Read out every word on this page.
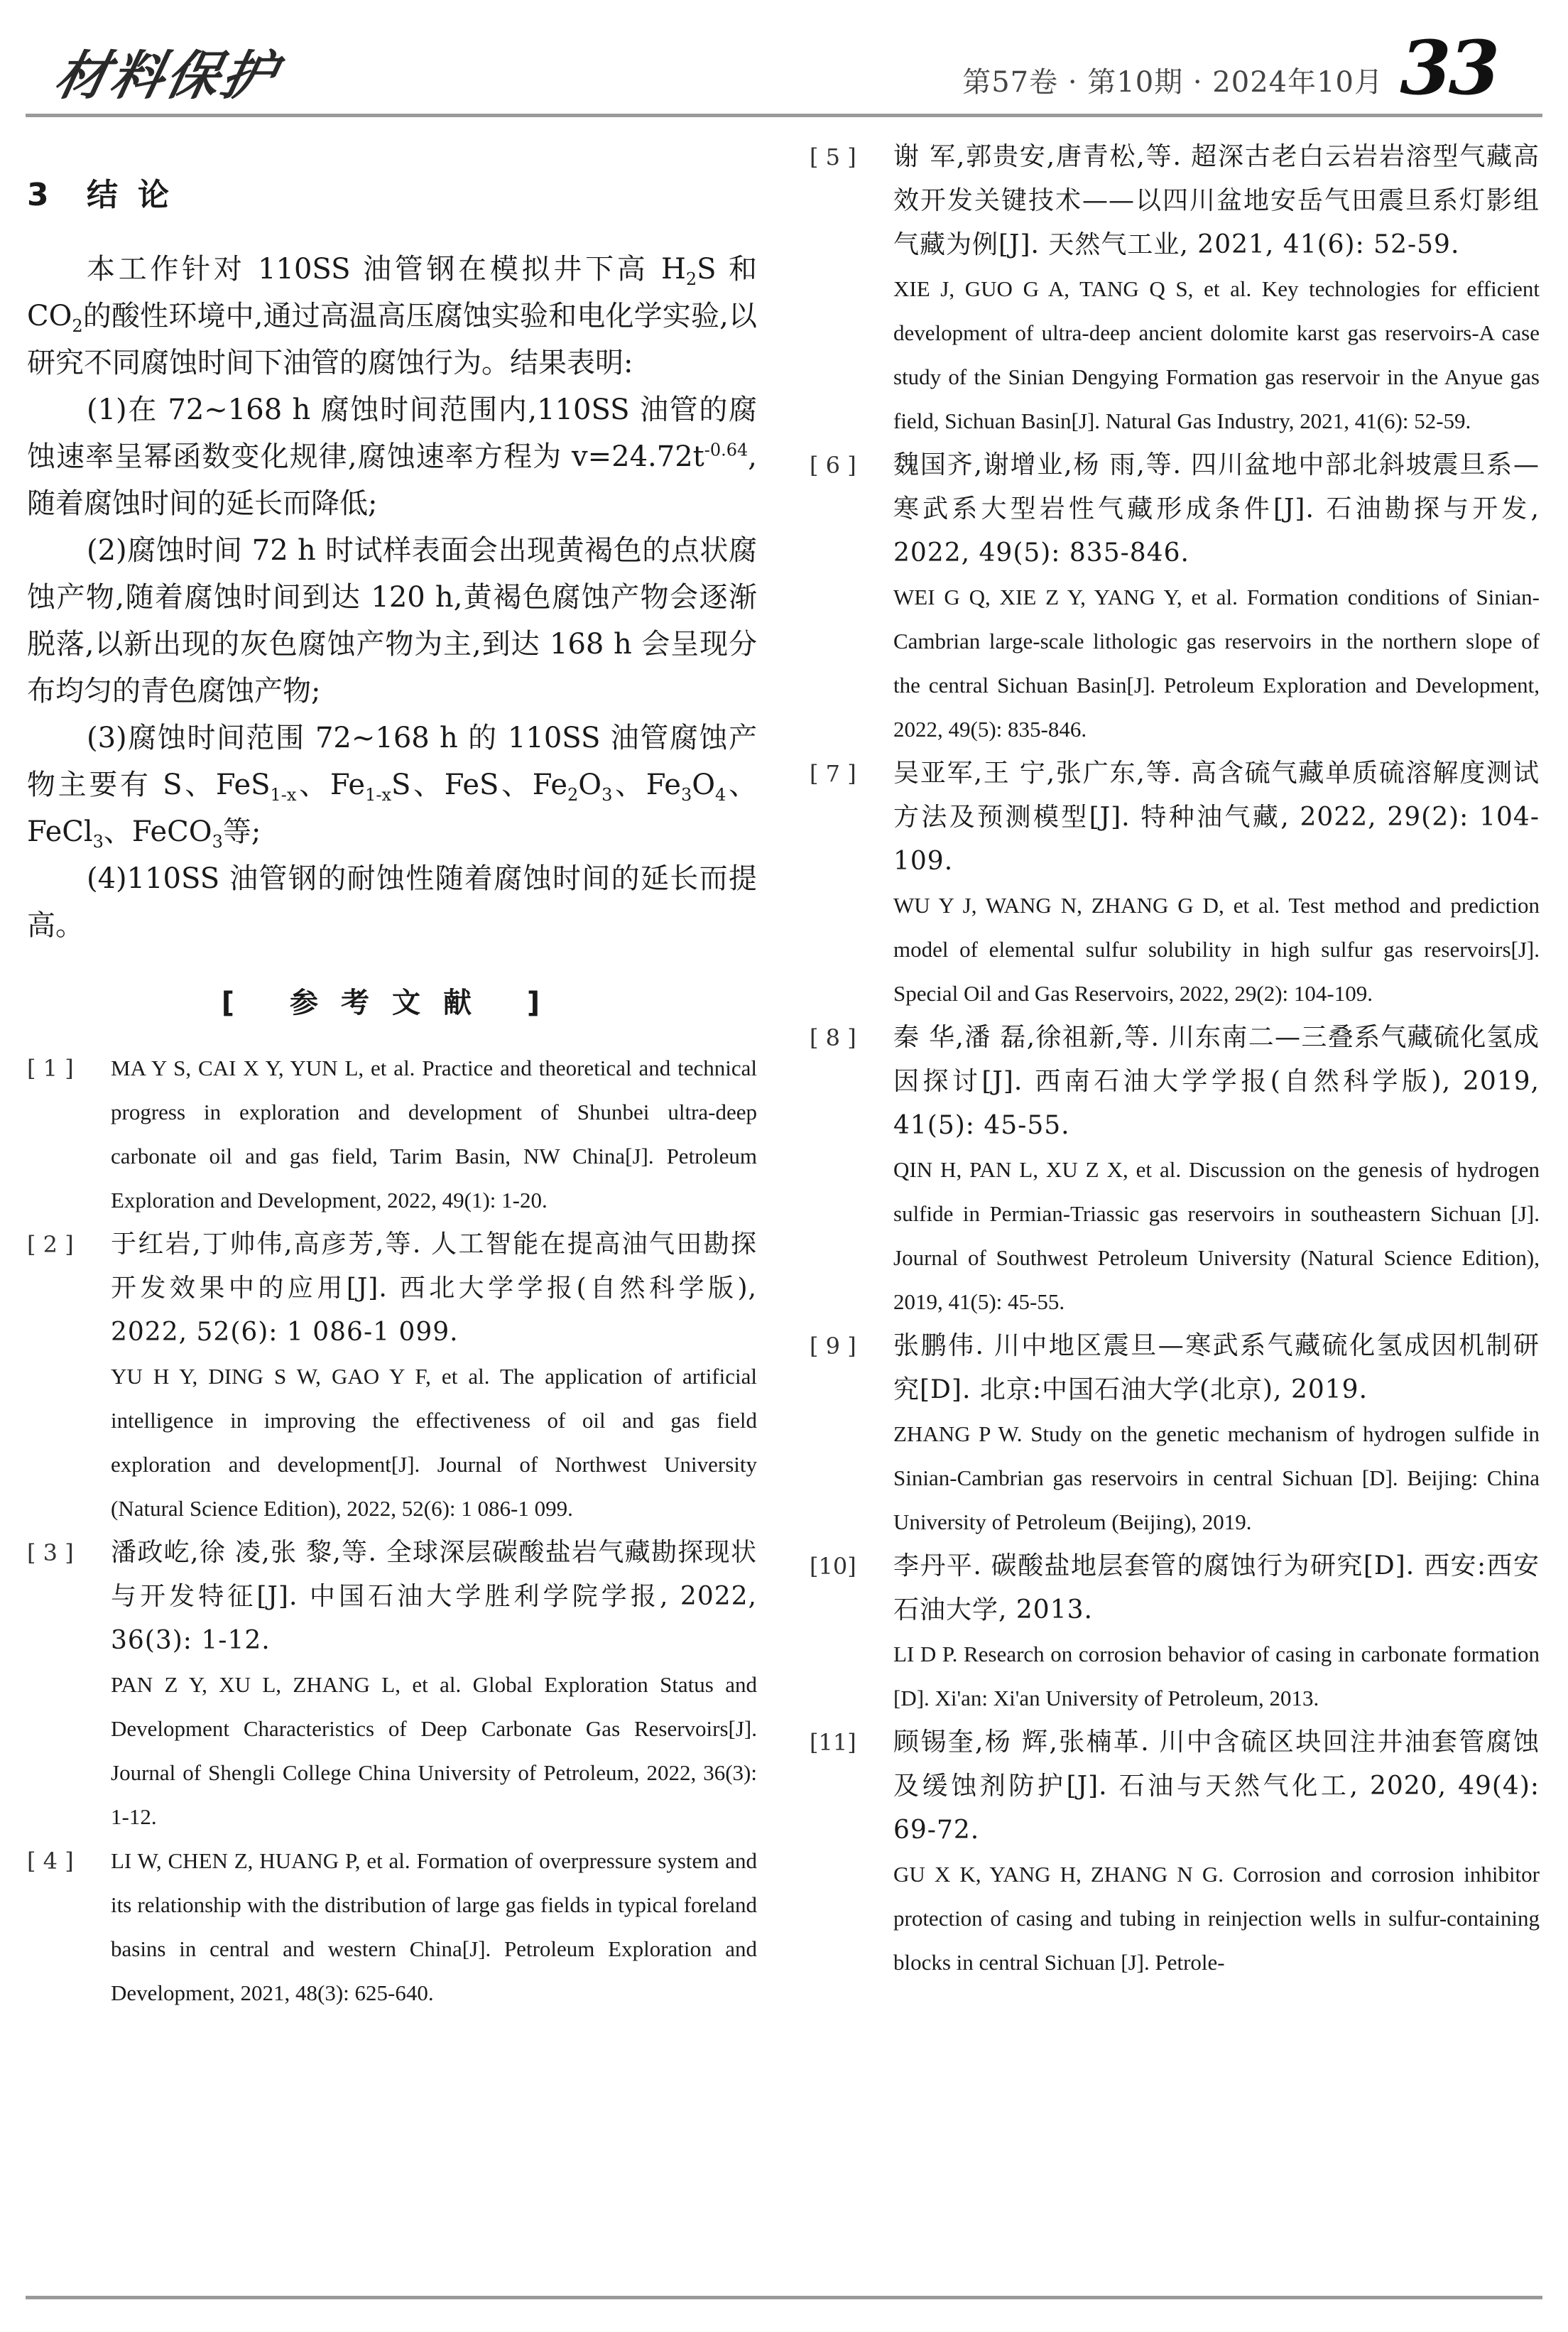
材料保护	第57卷 · 第10期 · 2024年10月 33
3 结论

本工作针对 110SS 油管钢在模拟井下高 $H_2S$ 和 $CO_2$的酸性环境中,通过高温高压腐蚀实验和电化学实验,以研究不同腐蚀时间下油管的腐蚀行为。结果表明:

(1)在 72~168 h 腐蚀时间范围内,110SS 油管的腐蚀速率呈幂函数变化规律,腐蚀速率方程为 $v=24.72t^{-0.64}$,随着腐蚀时间的延长而降低;

(2)腐蚀时间 72 h 时试样表面会出现黄褐色的点状腐蚀产物,随着腐蚀时间到达 120 h,黄褐色腐蚀产物会逐渐脱落,以新出现的灰色腐蚀产物为主,到达 168 h 会呈现分布均匀的青色腐蚀产物;

(3)腐蚀时间范围 72~168 h 的 110SS 油管腐蚀产物主要有 S、FeS$_{1-x}$、$Fe_{1-x}S$、FeS、$Fe_2O_3$、$Fe_3O_4$、FeCl$_3$、FeCO$_3$等;

(4)110SS 油管钢的耐蚀性随着腐蚀时间的延长而提高。

[ 参考文献 ]
[ 1 ]	MA Y S, CAI X Y, YUN L, et al. Practice and theoretical and technical progress in exploration and development of Shunbei ultra-deep carbonate oil and gas field, Tarim Basin, NW China[J]. Petroleum Exploration and Development, 2022, 49(1): 1-20.

[ 2 ]	于红岩,丁帅伟,高彦芳,等. 人工智能在提高油气田勘探开发效果中的应用[J]. 西北大学学报(自然科学版), 2022, 52(6): 1 086-1 099.

YU H Y, DING S W, GAO Y F, et al. The application of artificial intelligence in improving the effectiveness of oil and gas field exploration and development[J]. Journal of Northwest University (Natural Science Edition), 2022, 52(6): 1 086-1 099.

[ 3 ]	潘政屹,徐 凌,张 黎,等. 全球深层碳酸盐岩气藏勘探现状与开发特征[J]. 中国石油大学胜利学院学报, 2022, 36(3): 1-12.

PAN Z Y, XU L, ZHANG L, et al. Global Exploration Status and Development Characteristics of Deep Carbonate Gas Reservoirs[J]. Journal of Shengli College China University of Petroleum, 2022, 36(3): 1-12.

[ 4 ]	LI W, CHEN Z, HUANG P, et al. Formation of overpressure system and its relationship with the distribution of large gas fields in typical foreland basins in central and western China[J]. Petroleum Exploration and Development, 2021, 48(3): 625-640.

[ 5 ]	谢 军,郭贵安,唐青松,等. 超深古老白云岩岩溶型气藏高效开发关键技术——以四川盆地安岳气田震旦系灯影组气藏为例[J]. 天然气工业, 2021, 41(6): 52-59.

XIE J, GUO G A, TANG Q S, et al. Key technologies for efficient development of ultra-deep ancient dolomite karst gas reservoirs-A case study of the Sinian Dengying Formation gas reservoir in the Anyue gas field, Sichuan Basin[J]. Natural Gas Industry, 2021, 41(6): 52-59.

[ 6 ]	魏国齐,谢增业,杨 雨,等. 四川盆地中部北斜坡震旦系—寒武系大型岩性气藏形成条件[J]. 石油勘探与开发, 2022, 49(5): 835-846.

WEI G Q, XIE Z Y, YANG Y, et al. Formation conditions of Sinian-Cambrian large-scale lithologic gas reservoirs in the northern slope of the central Sichuan Basin[J]. Petroleum Exploration and Development, 2022, 49(5): 835-846.

[ 7 ]	吴亚军,王 宁,张广东,等. 高含硫气藏单质硫溶解度测试方法及预测模型[J]. 特种油气藏, 2022, 29(2): 104-109.

WU Y J, WANG N, ZHANG G D, et al. Test method and prediction model of elemental sulfur solubility in high sulfur gas reservoirs[J]. Special Oil and Gas Reservoirs, 2022, 29(2): 104-109.

[ 8 ]	秦 华,潘 磊,徐祖新,等. 川东南二—三叠系气藏硫化氢成因探讨[J]. 西南石油大学学报(自然科学版), 2019, 41(5): 45-55.

QIN H, PAN L, XU Z X, et al. Discussion on the genesis of hydrogen sulfide in Permian-Triassic gas reservoirs in southeastern Sichuan [J]. Journal of Southwest Petroleum University (Natural Science Edition), 2019, 41(5): 45-55.

[ 9 ]	张鹏伟. 川中地区震旦—寒武系气藏硫化氢成因机制研究[D]. 北京:中国石油大学(北京), 2019.

ZHANG P W. Study on the genetic mechanism of hydrogen sulfide in Sinian-Cambrian gas reservoirs in central Sichuan [D]. Beijing: China University of Petroleum (Beijing), 2019.

[10]	李丹平. 碳酸盐地层套管的腐蚀行为研究[D]. 西安:西安石油大学, 2013.

LI D P. Research on corrosion behavior of casing in carbonate formation [D]. Xi'an: Xi'an University of Petroleum, 2013.

[11]	顾锡奎,杨 辉,张楠革. 川中含硫区块回注井油套管腐蚀及缓蚀剂防护[J]. 石油与天然气化工, 2020, 49(4): 69-72.

GU X K, YANG H, ZHANG N G. Corrosion and corrosion inhibitor protection of casing and tubing in reinjection wells in sulfur-containing blocks in central Sichuan [J]. Petrole-
